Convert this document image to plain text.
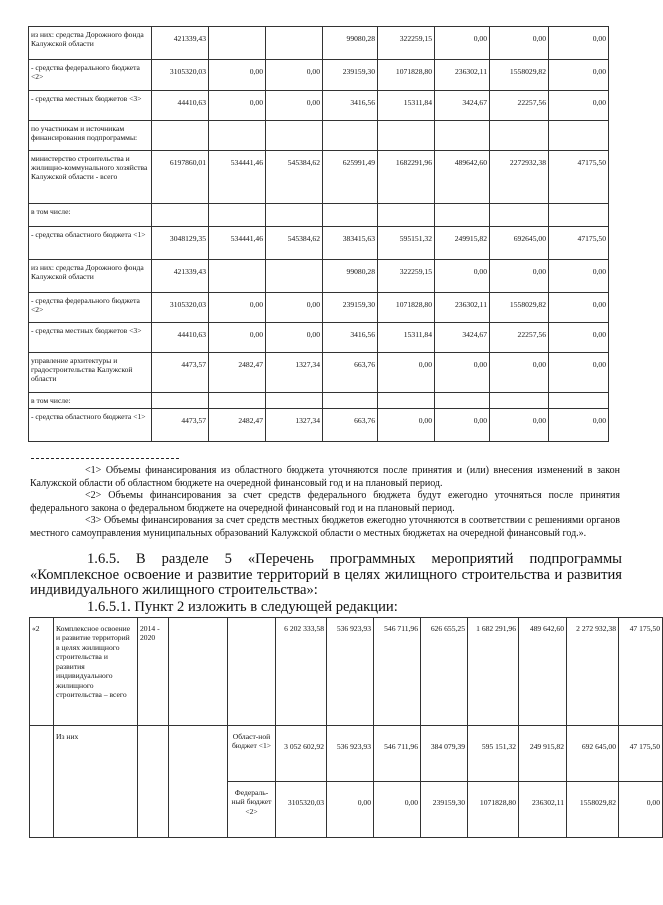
из них: средства Дорожного фонда Калужской области	421339,43			99080,28	322259,15	0,00	0,00	0,00
- средства федерального бюджета <2>	3105320,03	0,00	0,00	239159,30	1071828,80	236302,11	1558029,82	0,00
- средства местных бюджетов <3>	44410,63	0,00	0,00	3416,56	15311,84	3424,67	22257,56	0,00
по участникам и источникам финансирования подпрограммы:								
министерство строительства и жилищно-коммунального хозяйства Калужской области - всего	6197860,01	534441,46	545384,62	625991,49	1682291,96	489642,60	2272932,38	47175,50
в том числе:								
- средства областного бюджета <1>	3048129,35	534441,46	545384,62	383415,63	595151,32	249915,82	692645,00	47175,50
из них: средства Дорожного фонда Калужской области	421339,43			99080,28	322259,15	0,00	0,00	0,00
- средства федерального бюджета <2>	3105320,03	0,00	0,00	239159,30	1071828,80	236302,11	1558029,82	0,00
- средства местных бюджетов <3>	44410,63	0,00	0,00	3416,56	15311,84	3424,67	22257,56	0,00
управление архитектуры и градостроительства Калужской области	4473,57	2482,47	1327,34	663,76	0,00	0,00	0,00	0,00
в том числе:								
- средства областного бюджета <1>	4473,57	2482,47	1327,34	663,76	0,00	0,00	0,00	0,00

<1> Объемы финансирования из областного бюджета уточняются после принятия и (или) внесения изменений в закон Калужской области об областном бюджете на очередной финансовый год и на плановый период.

<2> Объемы финансирования за счет средств федерального бюджета будут ежегодно уточняться после принятия федерального закона о федеральном бюджете на очередной финансовый год и на плановый период.

<3> Объемы финансирования за счет средств местных бюджетов ежегодно уточняются в соответствии с решениями органов местного самоуправления муниципальных образований Калужской области о местных бюджетах на очередной финансовый год.».

1.6.5. В разделе 5 «Перечень программных мероприятий подпрограммы «Комплексное освоение и развитие территорий в целях жилищного строительства и развития индивидуального жилищного строительства»:

1.6.5.1. Пункт 2 изложить в следующей редакции:

«2	Комплексное освоение и развитие территорий в целях жилищного строительства и развития индивидуального жилищного строительства – всего	2014 - 2020			6 202 333,58	536 923,93	546 711,96	626 655,25	1 682 291,96	489 642,60	2 272 932,38	47 175,50
	Из них			Област-ной бюджет <1>	3 052 602,92	536 923,93	546 711,96	384 079,39	595 151,32	249 915,82	692 645,00	47 175,50
				Федераль-ный бюджет <2>	3105320,03	0,00	0,00	239159,30	1071828,80	236302,11	1558029,82	0,00
